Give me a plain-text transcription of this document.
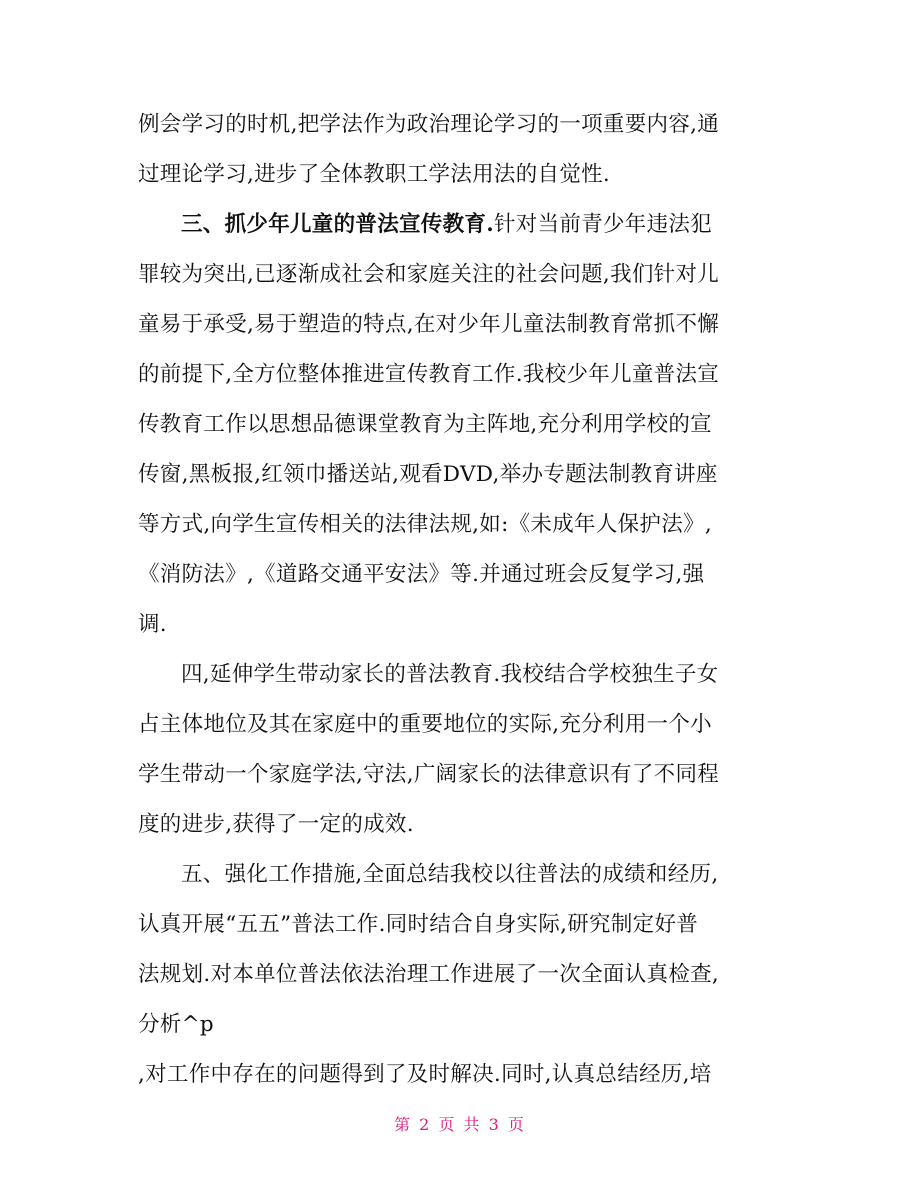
例会学习的时机,把学法作为政治理论学习的一项重要内容,通
过理论学习,进步了全体教职工学法用法的自觉性.
三、抓少年儿童的普法宣传教育.针对当前青少年违法犯
罪较为突出,已逐渐成社会和家庭关注的社会问题,我们针对儿
童易于承受,易于塑造的特点,在对少年儿童法制教育常抓不懈
的前提下,全方位整体推进宣传教育工作.我校少年儿童普法宣
传教育工作以思想品德课堂教育为主阵地,充分利用学校的宣
传窗,黑板报,红领巾播送站,观看DVD,举办专题法制教育讲座
等方式,向学生宣传相关的法律法规,如:《未成年人保护法》,
《消防法》,《道路交通平安法》等.并通过班会反复学习,强
调.
四,延伸学生带动家长的普法教育.我校结合学校独生子女
占主体地位及其在家庭中的重要地位的实际,充分利用一个小
学生带动一个家庭学法,守法,广阔家长的法律意识有了不同程
度的进步,获得了一定的成效.
五、强化工作措施,全面总结我校以往普法的成绩和经历,
认真开展“五五”普法工作.同时结合自身实际,研究制定好普
法规划.对本单位普法依法治理工作进展了一次全面认真检查,
分析^p
,对工作中存在的问题得到了及时解决.同时,认真总结经历,培
第 2 页 共 3 页
